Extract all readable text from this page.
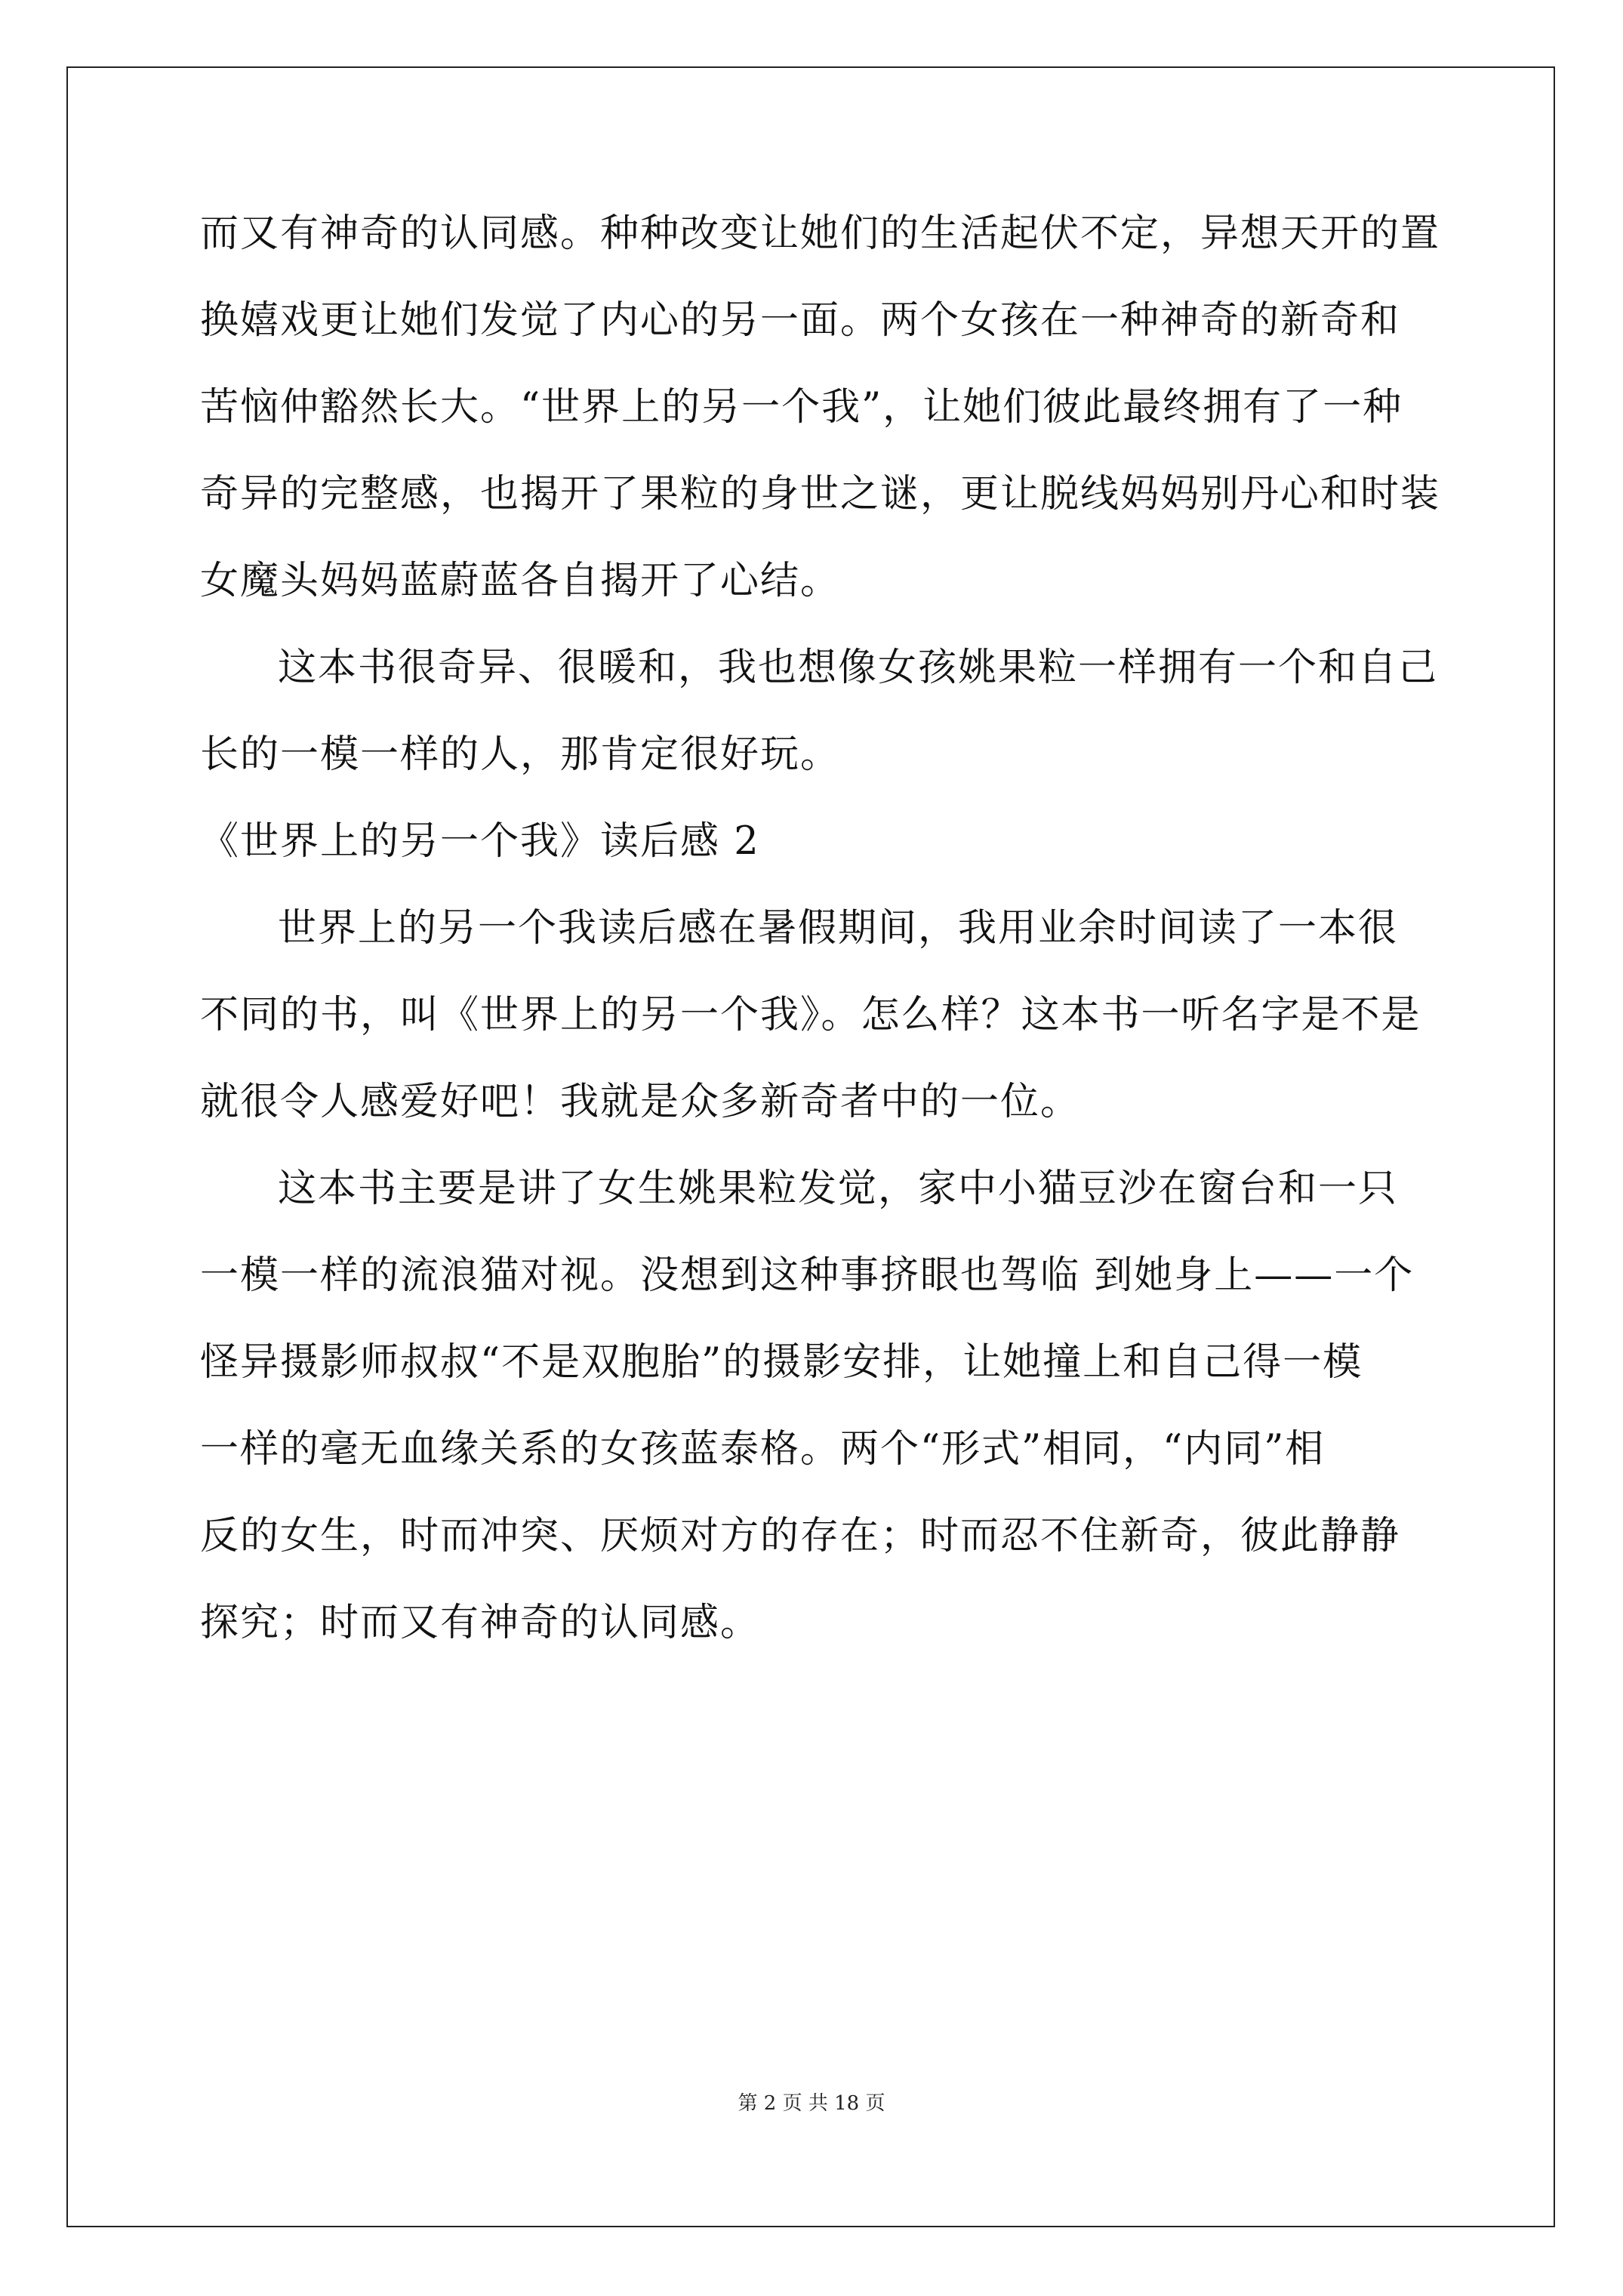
而又有神奇的认同感。种种改变让她们的生活起伏不定，异想天开的置
换嬉戏更让她们发觉了内心的另一面。两个女孩在一种神奇的新奇和
苦恼仲豁然长大。“世界上的另一个我”，让她们彼此最终拥有了一种
奇异的完整感，也揭开了果粒的身世之谜，更让脱线妈妈别丹心和时装
女魔头妈妈蓝蔚蓝各自揭开了心结。
这本书很奇异、很暖和，我也想像女孩姚果粒一样拥有一个和自己
长的一模一样的人，那肯定很好玩。
《世界上的另一个我》读后感 2
世界上的另一个我读后感在暑假期间，我用业余时间读了一本很
不同的书，叫《世界上的另一个我》。怎么样？这本书一听名字是不是
就很令人感爱好吧！我就是众多新奇者中的一位。
这本书主要是讲了女生姚果粒发觉，家中小猫豆沙在窗台和一只
一模一样的流浪猫对视。没想到这种事挤眼也驾临 到她身上——一个
怪异摄影师叔叔“不是双胞胎”的摄影安排，让她撞上和自己得一模
一样的毫无血缘关系的女孩蓝泰格。两个“形式”相同，“内同”相
反的女生，时而冲突、厌烦对方的存在；时而忍不住新奇，彼此静静
探究；时而又有神奇的认同感。
第 2 页 共 18 页
